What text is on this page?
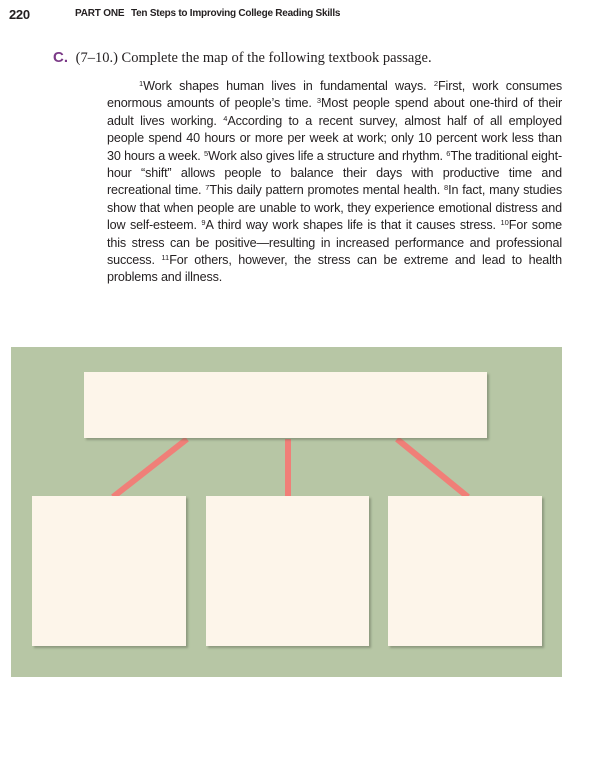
220	PART ONE Ten Steps to Improving College Reading Skills
C. (7–10.) Complete the map of the following textbook passage.

$^1$Work shapes human lives in fundamental ways. $^2$First, work consumes enormous amounts of people’s time. $^3$Most people spend about one-third of their adult lives working. $^4$According to a recent survey, almost half of all employed people spend 40 hours or more per week at work; only 10 percent work less than 30 hours a week. $^5$Work also gives life a structure and rhythm. $^6$The traditional eight-hour “shift” allows people to balance their days with productive time and recreational time. $^7$This daily pattern promotes mental health. $^8$In fact, many studies show that when people are unable to work, they experience emotional distress and low self-esteem. $^9$A third way work shapes life is that it causes stress. $^{10}$For some this stress can be positive—resulting in increased performance and professional success. $^{11}$For others, however, the stress can be extreme and lead to health problems and illness.
